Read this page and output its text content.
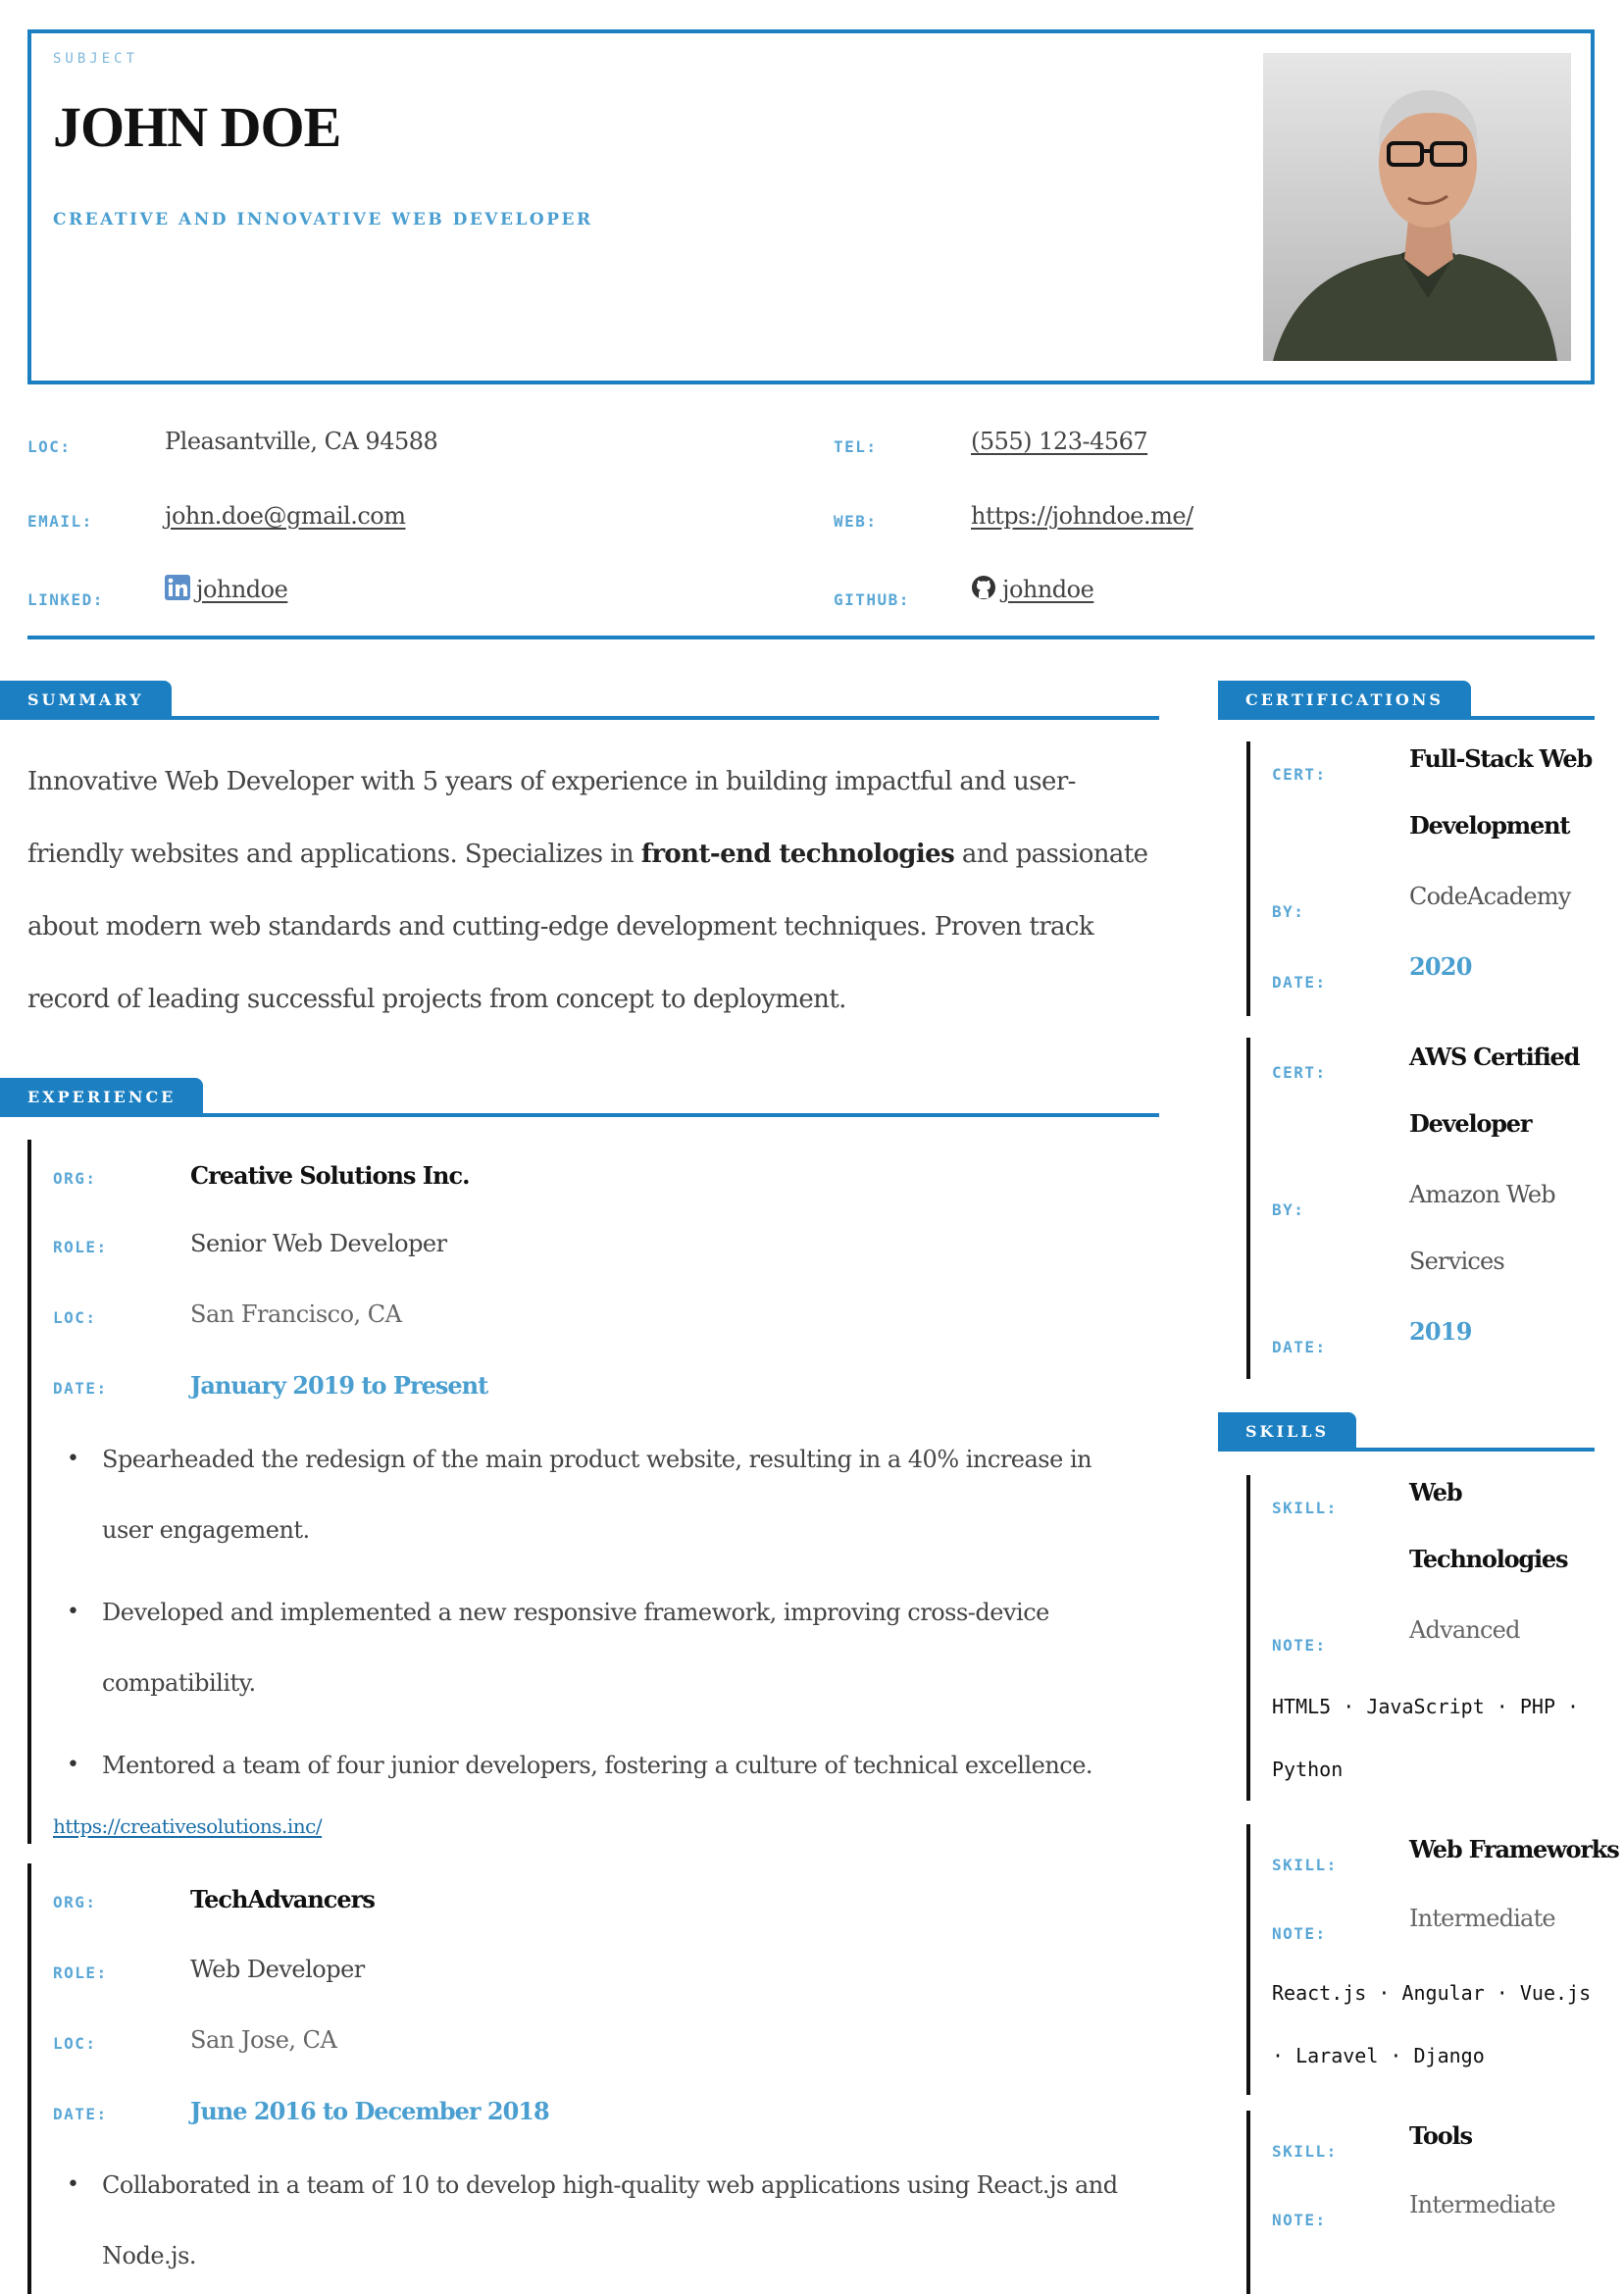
SUBJECT
JOHN DOE
CREATIVE AND INNOVATIVE WEB DEVELOPER
LOC:	Pleasantville, CA 94588	TEL:	(555) 123-4567
EMAIL:	john.doe@gmail.com	WEB:	https://johndoe.me/
LINKED:	johndoe	GITHUB:	johndoe
SUMMARY
Innovative Web Developer with 5 years of experience in building impactful and user-friendly websites and applications. Specializes in front-end technologies and passionate about modern web standards and cutting-edge development techniques. Proven track record of leading successful projects from concept to deployment.
EXPERIENCE
ORG:	Creative Solutions Inc.
ROLE:	Senior Web Developer
LOC:	San Francisco, CA
DATE:	January 2019 to Present
• Spearheaded the redesign of the main product website, resulting in a 40% increase in user engagement.
• Developed and implemented a new responsive framework, improving cross-device compatibility.
• Mentored a team of four junior developers, fostering a culture of technical excellence.
https://creativesolutions.inc/
ORG:	TechAdvancers
ROLE:	Web Developer
LOC:	San Jose, CA
DATE:	June 2016 to December 2018
• Collaborated in a team of 10 to develop high-quality web applications using React.js and Node.js.
CERTIFICATIONS
CERT:
Full-Stack Web Development
BY:
CodeAcademy
DATE:
2020
CERT:
AWS Certified Developer
BY:
Amazon Web Services
DATE:
2019
SKILLS
SKILL:
Web Technologies
NOTE:
Advanced
HTML5 · JavaScript · PHP · Python
SKILL:
Web Frameworks
NOTE:
Intermediate
React.js · Angular · Vue.js · Laravel · Django
SKILL:
Tools
NOTE:
Intermediate
